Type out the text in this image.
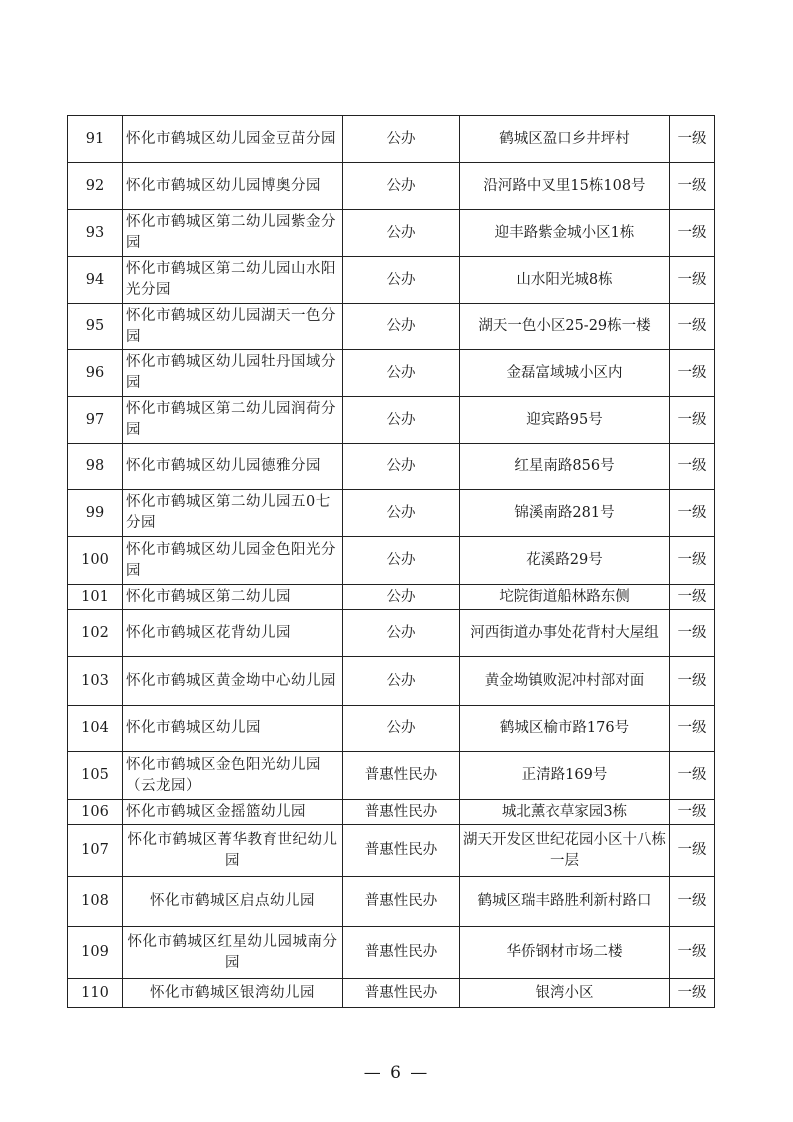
91	怀化市鹤城区幼儿园金豆苗分园	公办	鹤城区盈口乡井坪村	一级
92	怀化市鹤城区幼儿园博奥分园	公办	沿河路中叉里15栋108号	一级
93	怀化市鹤城区第二幼儿园紫金分园	公办	迎丰路紫金城小区1栋	一级
94	怀化市鹤城区第二幼儿园山水阳光分园	公办	山水阳光城8栋	一级
95	怀化市鹤城区幼儿园湖天一色分园	公办	湖天一色小区25-29栋一楼	一级
96	怀化市鹤城区幼儿园牡丹国域分园	公办	金磊富域城小区内	一级
97	怀化市鹤城区第二幼儿园润荷分园	公办	迎宾路95号	一级
98	怀化市鹤城区幼儿园德雅分园	公办	红星南路856号	一级
99	怀化市鹤城区第二幼儿园五0七分园	公办	锦溪南路281号	一级
100	怀化市鹤城区幼儿园金色阳光分园	公办	花溪路29号	一级
101	怀化市鹤城区第二幼儿园	公办	坨院街道船林路东侧	一级
102	怀化市鹤城区花背幼儿园	公办	河西街道办事处花背村大屋组	一级
103	怀化市鹤城区黄金坳中心幼儿园	公办	黄金坳镇败泥冲村部对面	一级
104	怀化市鹤城区幼儿园	公办	鹤城区榆市路176号	一级
105	怀化市鹤城区金色阳光幼儿园（云龙园）	普惠性民办	正清路169号	一级
106	怀化市鹤城区金摇篮幼儿园	普惠性民办	城北薰衣草家园3栋	一级
107	怀化市鹤城区菁华教育世纪幼儿园	普惠性民办	湖天开发区世纪花园小区十八栋一层	一级
108	怀化市鹤城区启点幼儿园	普惠性民办	鹤城区瑞丰路胜利新村路口	一级
109	怀化市鹤城区红星幼儿园城南分园	普惠性民办	华侨钢材市场二楼	一级
110	怀化市鹤城区银湾幼儿园	普惠性民办	银湾小区	一级
— 6 —
